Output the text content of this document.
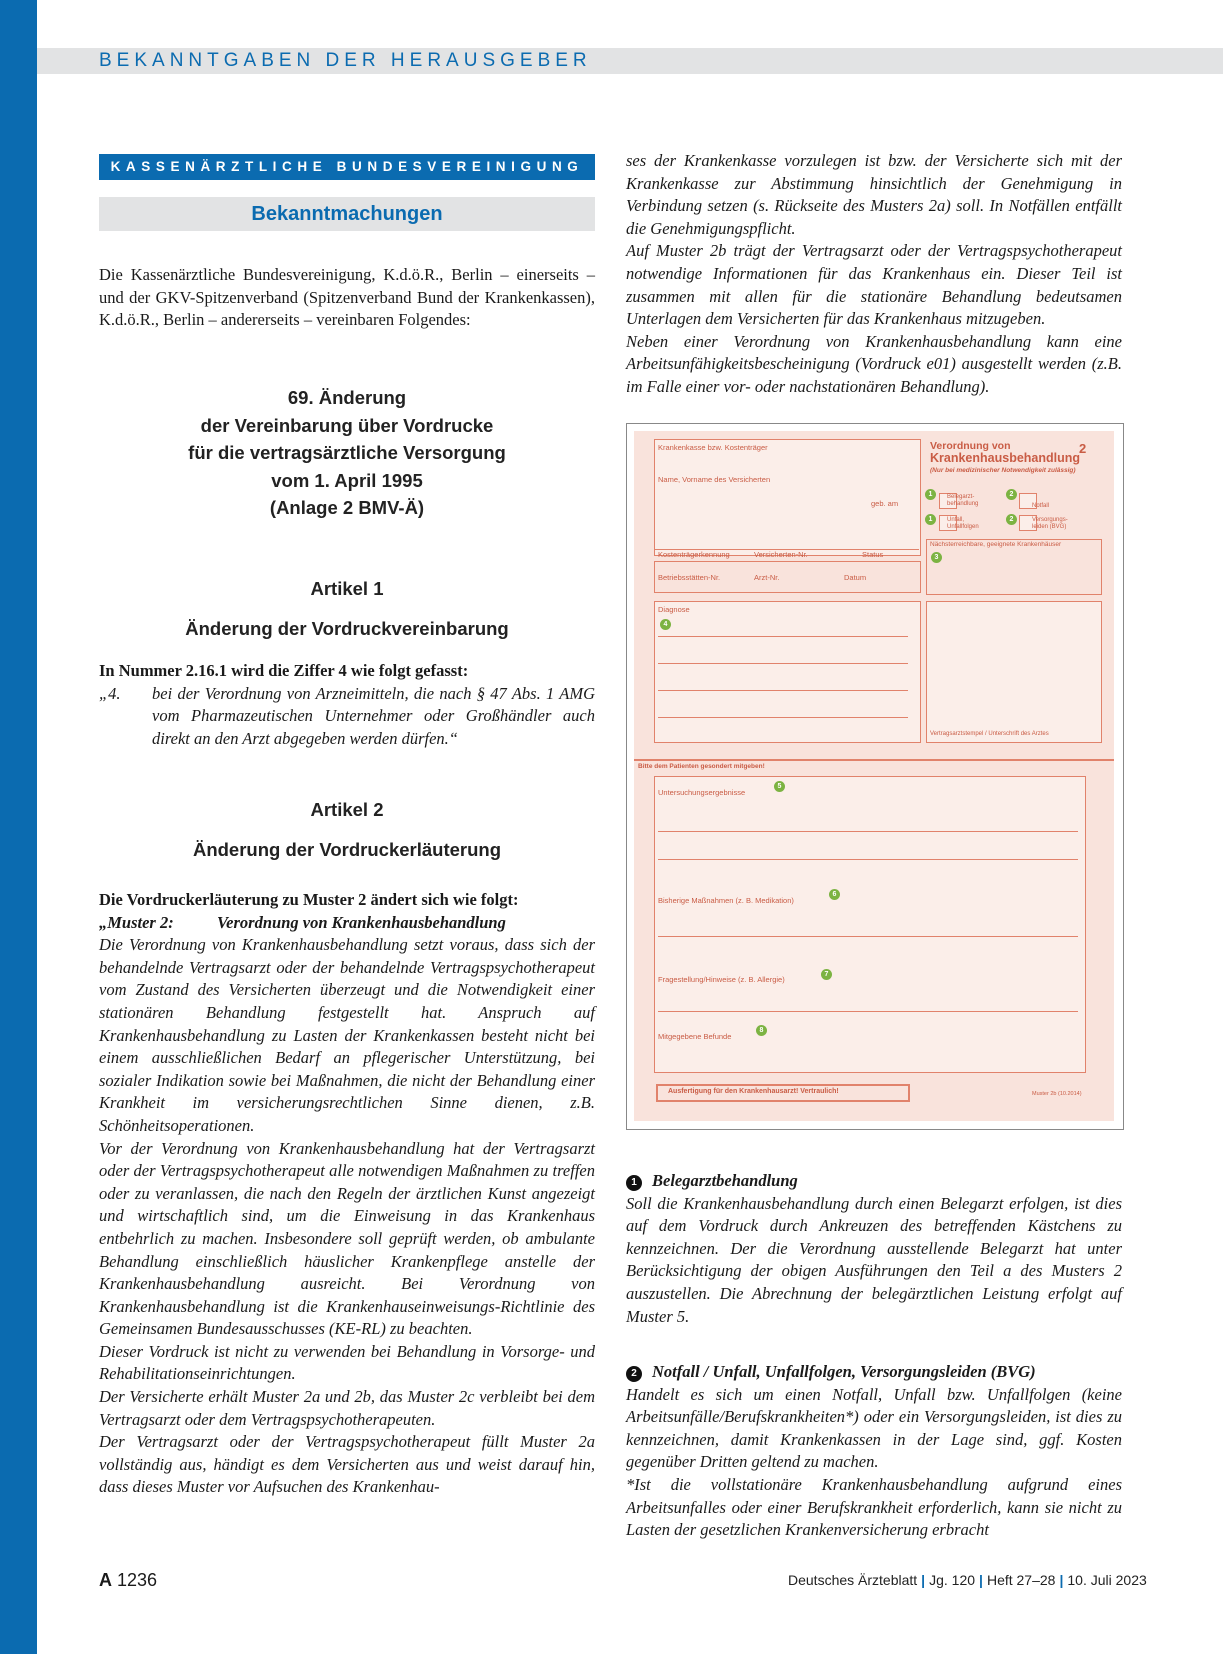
BEKANNTGABEN DER HERAUSGEBER
KASSENÄRZTLICHE BUNDESVEREINIGUNG
Bekanntmachungen

Die Kassenärztliche Bundesvereinigung, K.d.ö.R., Berlin – einerseits – und der GKV-Spitzenverband (Spitzenverband Bund der Krankenkassen), K.d.ö.R., Berlin – andererseits – vereinbaren Folgendes:

69. Änderung
der Vereinbarung über Vordrucke
für die vertragsärztliche Versorgung
vom 1. April 1995
(Anlage 2 BMV-Ä)
Artikel 1
Änderung der Vordruckvereinbarung

In Nummer 2.16.1 wird die Ziffer 4 wie folgt gefasst:

„4.	bei der Verordnung von Arzneimitteln, die nach § 47 Abs. 1 AMG vom Pharmazeutischen Unternehmer oder Großhändler auch direkt an den Arzt abgegeben werden dürfen.“
Artikel 2
Änderung der Vordruckerläuterung

Die Vordruckerläuterung zu Muster 2 ändert sich wie folgt:

„Muster 2:	Verordnung von Krankenhausbehandlung

Die Verordnung von Krankenhausbehandlung setzt voraus, dass sich der behandelnde Vertragsarzt oder der behandelnde Vertragspsychotherapeut vom Zustand des Versicherten überzeugt und die Notwendigkeit einer stationären Behandlung festgestellt hat. Anspruch auf Krankenhausbehandlung zu Lasten der Krankenkassen besteht nicht bei einem ausschließlichen Bedarf an pflegerischer Unterstützung, bei sozialer Indikation sowie bei Maßnahmen, die nicht der Behandlung einer Krankheit im versicherungsrechtlichen Sinne dienen, z.B. Schönheitsoperationen.

Vor der Verordnung von Krankenhausbehandlung hat der Vertragsarzt oder der Vertragspsychotherapeut alle notwendigen Maßnahmen zu treffen oder zu veranlassen, die nach den Regeln der ärztlichen Kunst angezeigt und wirtschaftlich sind, um die Einweisung in das Krankenhaus entbehrlich zu machen. Insbesondere soll geprüft werden, ob ambulante Behandlung einschließlich häuslicher Krankenpflege anstelle der Krankenhausbehandlung ausreicht. Bei Verordnung von Krankenhausbehandlung ist die Krankenhauseinweisungs-Richtlinie des Gemeinsamen Bundesausschusses (KE-RL) zu beachten.

Dieser Vordruck ist nicht zu verwenden bei Behandlung in Vorsorge- und Rehabilitationseinrichtungen.

Der Versicherte erhält Muster 2a und 2b, das Muster 2c verbleibt bei dem Vertragsarzt oder dem Vertragspsychotherapeuten.

Der Vertragsarzt oder der Vertragspsychotherapeut füllt Muster 2a vollständig aus, händigt es dem Versicherten aus und weist darauf hin, dass dieses Muster vor Aufsuchen des Krankenhau-

ses der Krankenkasse vorzulegen ist bzw. der Versicherte sich mit der Krankenkasse zur Abstimmung hinsichtlich der Genehmigung in Verbindung setzen (s. Rückseite des Musters 2a) soll. In Notfällen entfällt die Genehmigungspflicht.

Auf Muster 2b trägt der Vertragsarzt oder der Vertragspsychotherapeut notwendige Informationen für das Krankenhaus ein. Dieser Teil ist zusammen mit allen für die stationäre Behandlung bedeutsamen Unterlagen dem Versicherten für das Krankenhaus mitzugeben.

Neben einer Verordnung von Krankenhausbehandlung kann eine Arbeitsunfähigkeitsbescheinigung (Vordruck e01) ausgestellt werden (z.B. im Falle einer vor- oder nachstationären Behandlung).

Krankenkasse bzw. Kostenträger
Name, Vorname des Versicherten
geb. am
Kostenträgerkennung	Versicherten-Nr.	Status
Betriebsstätten-Nr.	Arzt-Nr.	Datum
Verordnung von
Krankenhausbehandlung
2
(Nur bei medizinischer Notwendigkeit zulässig)
1	Belegarzt-behandlung
2
Notfall
1	Unfall, Unfallfolgen
2	Versorgungs-leiden (BVG)
Nächsterreichbare, geeignete Krankenhäuser
3
Diagnose
4
Vertragsarztstempel / Unterschrift des Arztes
Bitte dem Patienten gesondert mitgeben!
Untersuchungsergebnisse
5
Bisherige Maßnahmen (z. B. Medikation)
6
Fragestellung/Hinweise (z. B. Allergie)
7
Mitgegebene Befunde
8
Ausfertigung für den Krankenhausarzt! Vertraulich!	Muster 2b (10.2014)
1 Belegarztbehandlung

Soll die Krankenhausbehandlung durch einen Belegarzt erfolgen, ist dies auf dem Vordruck durch Ankreuzen des betreffenden Kästchens zu kennzeichnen. Der die Verordnung ausstellende Belegarzt hat unter Berücksichtigung der obigen Ausführungen den Teil a des Musters 2 auszustellen. Die Abrechnung der belegärztlichen Leistung erfolgt auf Muster 5.

2 Notfall / Unfall, Unfallfolgen, Versorgungsleiden (BVG)

Handelt es sich um einen Notfall, Unfall bzw. Unfallfolgen (keine Arbeitsunfälle/Berufskrankheiten*) oder ein Versorgungsleiden, ist dies zu kennzeichnen, damit Krankenkassen in der Lage sind, ggf. Kosten gegenüber Dritten geltend zu machen.

*Ist die vollstationäre Krankenhausbehandlung aufgrund eines Arbeitsunfalles oder einer Berufskrankheit erforderlich, kann sie nicht zu Lasten der gesetzlichen Krankenversicherung erbracht

A 1236	Deutsches Ärzteblatt | Jg. 120 | Heft 27–28 | 10. Juli 2023
